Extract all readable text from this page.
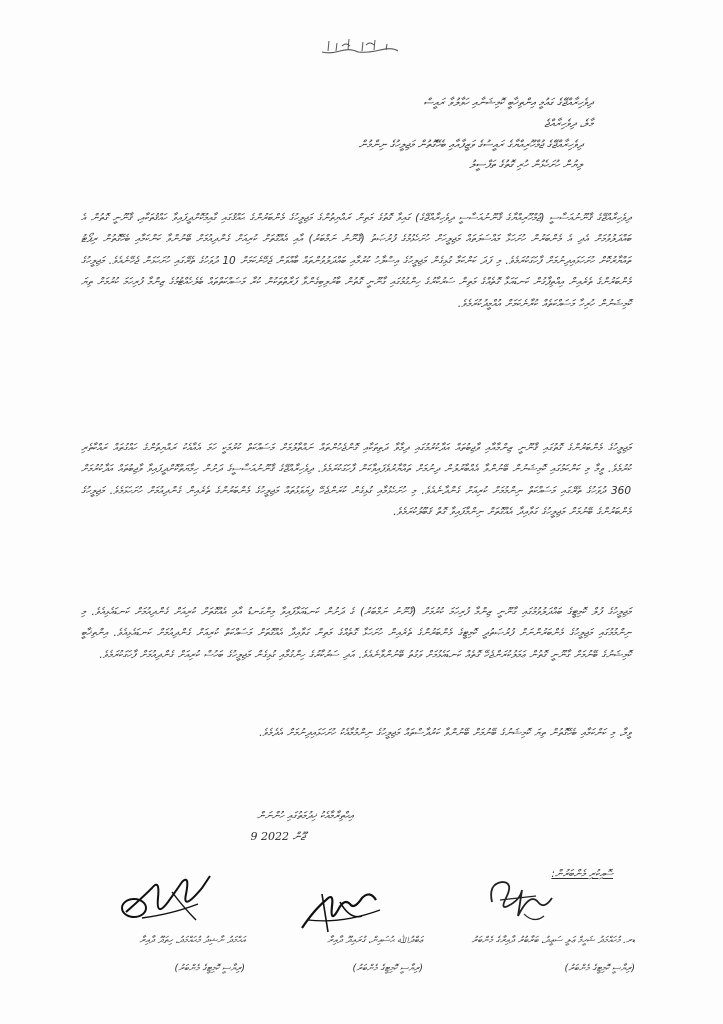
ދިވެހިރާއްޖޭގެ ގައުމީ އިންތިޚާބީ ކޮމިޝަނާއި ހަވާލުވާ ރައީސް
މާލެ، ދިވެހިރާއްޖެ
ދިވެހިރާއްޖޭގެ ޖުމްހޫރިއްޔާގެ ރައީސުގެ ވަޒީފާއާއި ބެހޭގޮތުން މަޖިލީހުގެ ނިންމުން
ލިޔުން ހުށަހެޅުން ހުރި ގޮތުގެ ތަފްސީލު
ދިވެހިރާއްޖޭގެ ޤާނޫނުއަސާސީ (ޖުމްހޫރިއްޔާގެ ޤާނޫނުއަސާސީ ދިވެހިރާއްޖޭގެ) ގައިވާ ގޮތުގެ މަތިން ރައްޔިތުންގެ މަޖިލީހުގެ މެންބަރުންގެ ޙައްޤުގައި ގާއިމުކޮށްދީފައިވާ ހައްޤުތަކާއި، ޤާނޫނީ ގޮތުން އެ ބައްދަލުވުމަށް އެދި އެ މެންބަރުން ހުށަހަޅާ މައްސަލަތައް މަޖިލީހަށް ހުށަހެޅުމުގެ ފުރުޞަތު (ޤާނޫނު ނަމްބަރު) އާއި އެއްގޮތަށް ކުރިއަށް ގެންދިއުމަށް ބޭނުންވާ ކަންކަމާއި ބެހޭގޮތުން ރިޕޯޓު ތައްޔާރުކޮށް ހުށަހަޅައިދިނުމަށް ފާހަގަކުރަމެވެ. މި ފަދަ ކަންކަމާ ގުޅިގެން މަޖިލީހުގެ އިސްލާހު ކުރުމާއި ބައްދަލުވުންތައް ބާއްވަން ޖެހޭނެކަމަށް 10 ދުވަހުގެ ތެރޭގައި ހުށަހަޅަން ޖެހޭނެއެވެ. މަޖިލީހުގެ މެންބަރުންގެ ތެރެއިން އިއްތިފާގުން ކަނޑައަޅާ ގޮތެއްގެ މަތިން ސަރުކާރުގެ ހިންގުމުގައި ގާނޫނީ ގޮތުން ބާރުލިބިގެންވާ ފަރާތްތަކުން ކުރާ މަސައްކަތްތައް ބެލެހެއްޓުމުގެ ޒިންމާ ފުރިހަމަ ކުރުމަށް ތިޔަ ކޮމިޝަނުން ހުރިހާ މަސައްކަތެއް ކުރާނެކަމަށް އުއްމީދުކުރަމެވެ.
މަޖިލީހުގެ މެންބަރުންގެ ގޮތުގައި ޤާނޫނީ ޒިންމާއާއި ވާޖިބުތައް އަދާކުރުމުގައި ދިމާވާ ދަތިތަކާއި ގޮންޖެހުންތައް ނައްތާލުމަށް މަސައްކަތް ކުރުމަކީ ހަމަ އެއާއެކު ރައްޔިތުންގެ ހައްގުތައް ރައްކާތެރި ކުރުމެވެ. ވީމާ މި ކަންކަމުގައި ކޮމިޝަނުން ބޭނުންވާ އެއްބާރުލުން ދިނުމަށް ތައްޔާރުވެފައިވާކަން ފާހަގަކުރަމެވެ. ދިވެހިރާއްޖޭގެ ޤާނޫނުއަސާސީގެ ދަށުން ހިމާޔަތްކޮށްދީފައިވާ ވާޖިބުތައް އަދާކުރުމަށް 360 ދުވަހުގެ ތެރޭގައި މަސައްކަތް ނިންމުމަށް ކުރިއަށް ގެންދާނެއެވެ. މި ހުށަހެޅުމާއި ގުޅިގެން ކުރަންޖެހޭ ފިޔަވަޅުތައް މަޖިލީހުގެ މެންބަރުންގެ ތެރެއިން ގެންދިއުމަށް ހުށަހަޅަމެވެ. މަޖިލީހުގެ މެންބަރުންގެ ބޭނުމަށް މަޖިލީހުގެ ގަވާއިދާ އެއްގޮތަށް ނިންމާފައިވާ ގޮތް ޤަބޫލުކުރަމެވެ.
މަޖިލީހުގެ ފުލް ކޮމިޓީގެ ބައްދަލުވުމުގައި ގާނޫނީ ޒިންމާ ފުރިހަމަ ކުރުމަށް (ޤާނޫނު ނަމްބަރު) ގެ ދަށުން ކަނޑައަޅާފައިވާ މިންގަނޑު އާއި އެއްގޮތަށް ކުރިއަށް ގެންދިއުމަށް ކަނޑައެޅިއެވެ. މި ނިންމުމުގައި މަޖިލީހުގެ މެންބަރުންނަށް ފުރުޞަތުދީ ކޮމިޓީގެ މެންބަރުންގެ ތެރެއިން ހުށަހަޅާ ގޮތެއްގެ މަތިން ގަވާއިދާ އެއްގޮތަށް މަސައްކަތް ކުރިއަށް ގެންދިއުމަށް ކަނޑައެޅިއެވެ. އިންތިޚާބީ ކޮމިޝަނުގެ ބޭނުމަށް ގާނޫނީ ގޮތުން ޢަމަލުކުރަންޖެހޭ ގޮތެއް ކަނޑައެޅުމަށް ވަގުތު ބޭނުންވާނެއެވެ. އަދި ސަރުކާރުގެ ހިންގުމާއި ގުޅިގެން މަޖިލީހުގެ ބަހުސް ކުރިއަށް ގެންދިއުމަށް ފާހަގަކުރަމެވެ.
ވީމާ، މި ކަންކަމާއި ބެހޭގޮތުން ތިޔަ ކޮމިޝަނުގެ ބޭނުމަށް ބޭނުންވާ ކަރުދާސްތައް މަޖިލީހުގެ ނިންމުމާއެކު ހުށަހަޅައިދިނުމަށް އެދެމެވެ.
އިޙްތިރާމާއެކު ޚިދުމަތުގައި ހުންނަން
9 ޖޫން 2022
ސޮއިކުރި މެންބަރުން:
ޑރ. މުހައްމަދު ޝަހީމް ޢަލީ ސަޢީދު، ބަރާބުރު ދާއިރާގެ މެންބަރު
ޢަބްދުﷲ ޙުސައިން، ގުރައިދޫ ދާއިރާ
އަޙްމަދު ނާޝިދު މުޙައްމަދު، ހިތަދޫ ދާއިރާ
(ރިޔާސީ ކޮމިޓީގެ މެންބަރު)
(ރިޔާސީ ކޮމިޓީގެ މެންބަރު)
(ރިޔާސީ ކޮމިޓީގެ މެންބަރު)
